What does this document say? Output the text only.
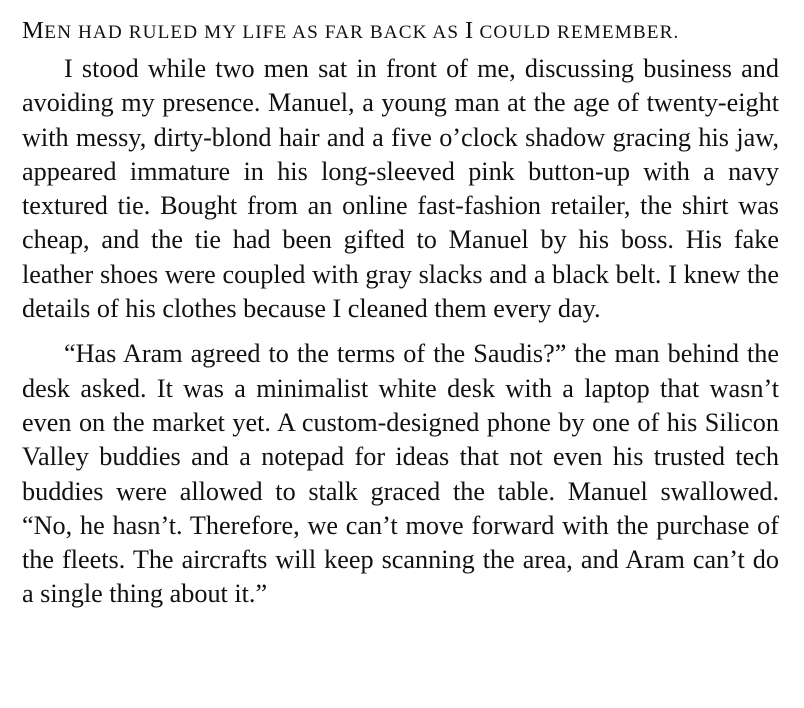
MEN HAD RULED MY LIFE AS FAR BACK AS I COULD REMEMBER.

I stood while two men sat in front of me, discussing business and avoiding my presence. Manuel, a young man at the age of twenty-eight with messy, dirty-blond hair and a five o’clock shadow gracing his jaw, appeared immature in his long-sleeved pink button-up with a navy textured tie. Bought from an online fast-fashion retailer, the shirt was cheap, and the tie had been gifted to Manuel by his boss. His fake leather shoes were coupled with gray slacks and a black belt. I knew the details of his clothes because I cleaned them every day.

“Has Aram agreed to the terms of the Saudis?” the man behind the desk asked. It was a minimalist white desk with a laptop that wasn’t even on the market yet. A custom-designed phone by one of his Silicon Valley buddies and a notepad for ideas that not even his trusted tech buddies were allowed to stalk graced the table. Manuel swallowed. “No, he hasn’t. Therefore, we can’t move forward with the purchase of the fleets. The aircrafts will keep scanning the area, and Aram can’t do a single thing about it.”
